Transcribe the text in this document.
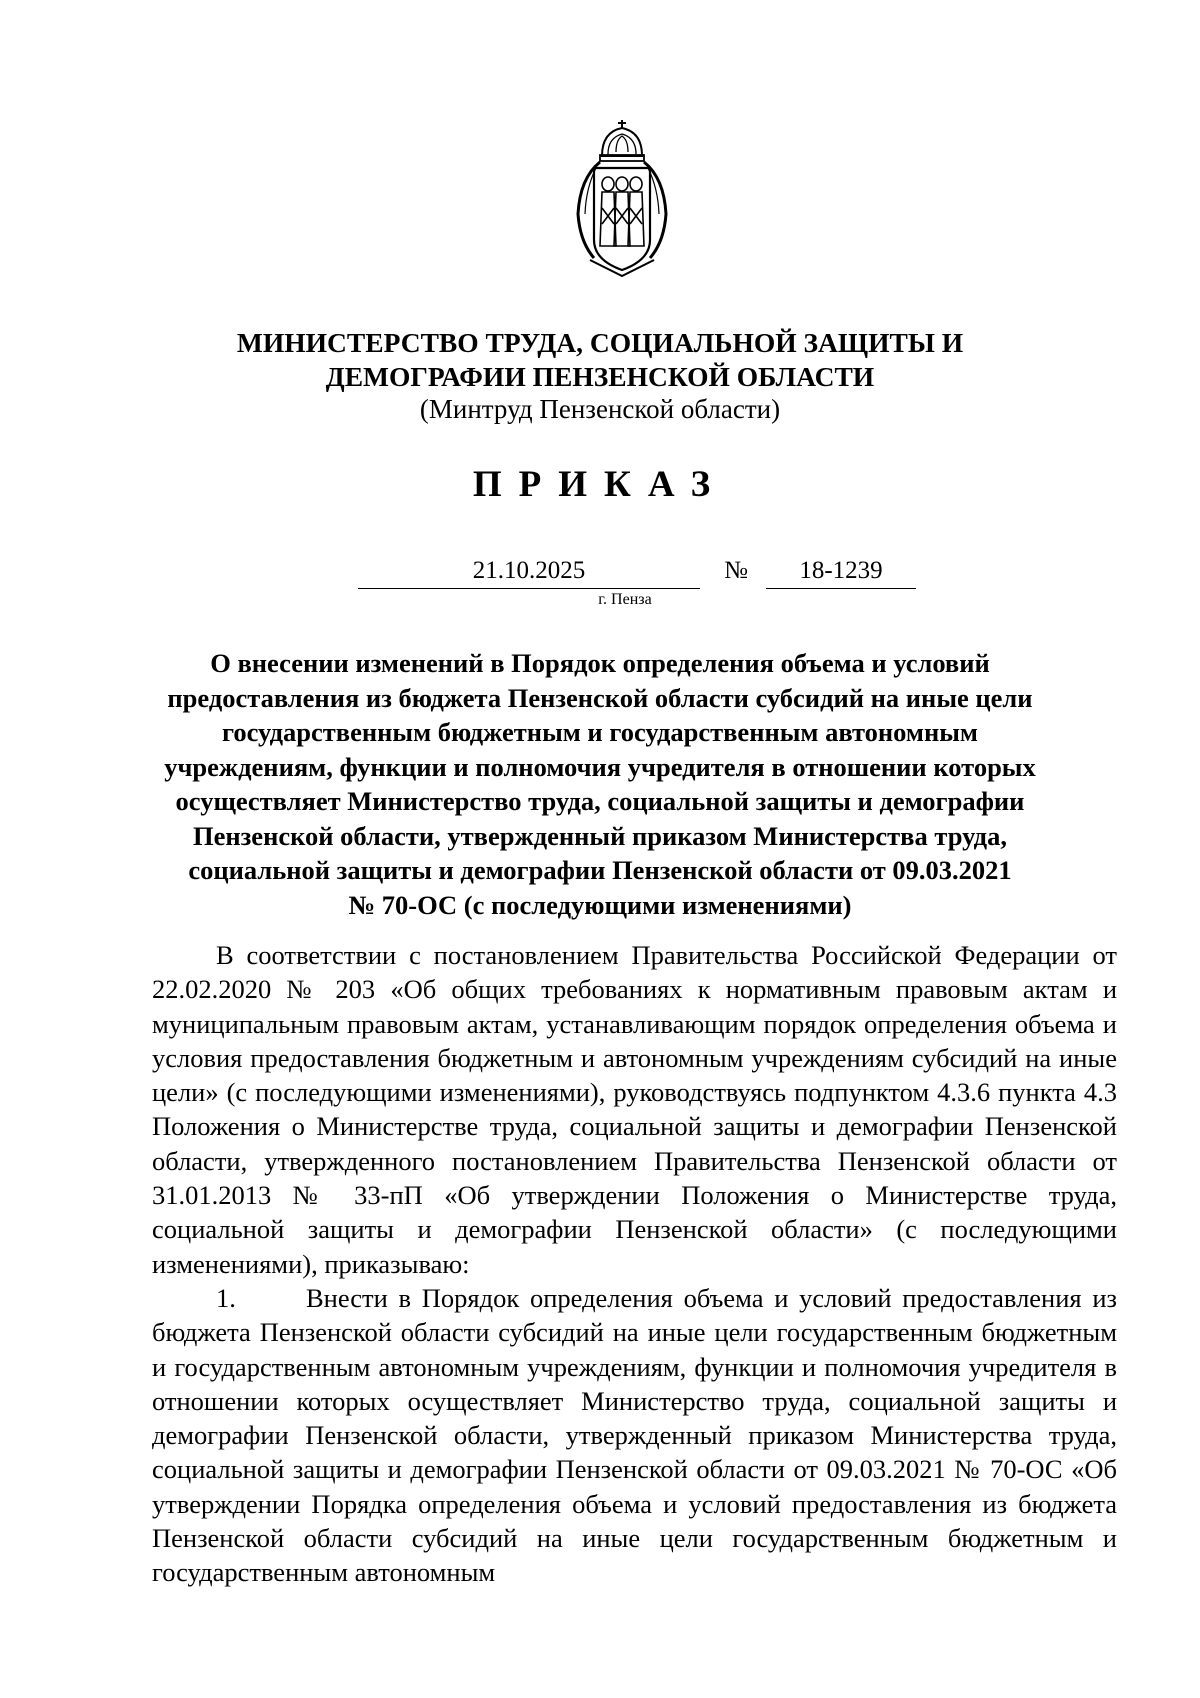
МИНИСТЕРСТВО ТРУДА, СОЦИАЛЬНОЙ ЗАЩИТЫ И
ДЕМОГРАФИИ ПЕНЗЕНСКОЙ ОБЛАСТИ
(Минтруд Пензенской области)
ПРИКАЗ
21.10.2025	№	18-1239
г. Пенза
О внесении изменений в Порядок определения объема и условий
предоставления из бюджета Пензенской области субсидий на иные цели
государственным бюджетным и государственным автономным
учреждениям, функции и полномочия учредителя в отношении которых
осуществляет Министерство труда, социальной защиты и демографии
Пензенской области, утвержденный приказом Министерства труда,
социальной защиты и демографии Пензенской области от 09.03.2021
№ 70-ОС (с последующими изменениями)

В соответствии с постановлением Правительства Российской Федерации от 22.02.2020 № 203 «Об общих требованиях к нормативным правовым актам и муниципальным правовым актам, устанавливающим порядок определения объема и условия предоставления бюджетным и автономным учреждениям субсидий на иные цели» (с последующими изменениями), руководствуясь подпунктом 4.3.6 пункта 4.3 Положения о Министерстве труда, социальной защиты и демографии Пензенской области, утвержденного постановлением Правительства Пензенской области от 31.01.2013 № 33-пП «Об утверждении Положения о Министерстве труда, социальной защиты и демографии Пензенской области» (с последующими изменениями), приказываю:

1.	Внести в Порядок определения объема и условий предоставления из бюджета Пензенской области субсидий на иные цели государственным бюджетным и государственным автономным учреждениям, функции и полномочия учредителя в отношении которых осуществляет Министерство труда, социальной защиты и демографии Пензенской области, утвержденный приказом Министерства труда, социальной защиты и демографии Пензенской области от 09.03.2021 № 70-ОС «Об утверждении Порядка определения объема и условий предоставления из бюджета Пензенской области субсидий на иные цели государственным бюджетным и государственным автономным
